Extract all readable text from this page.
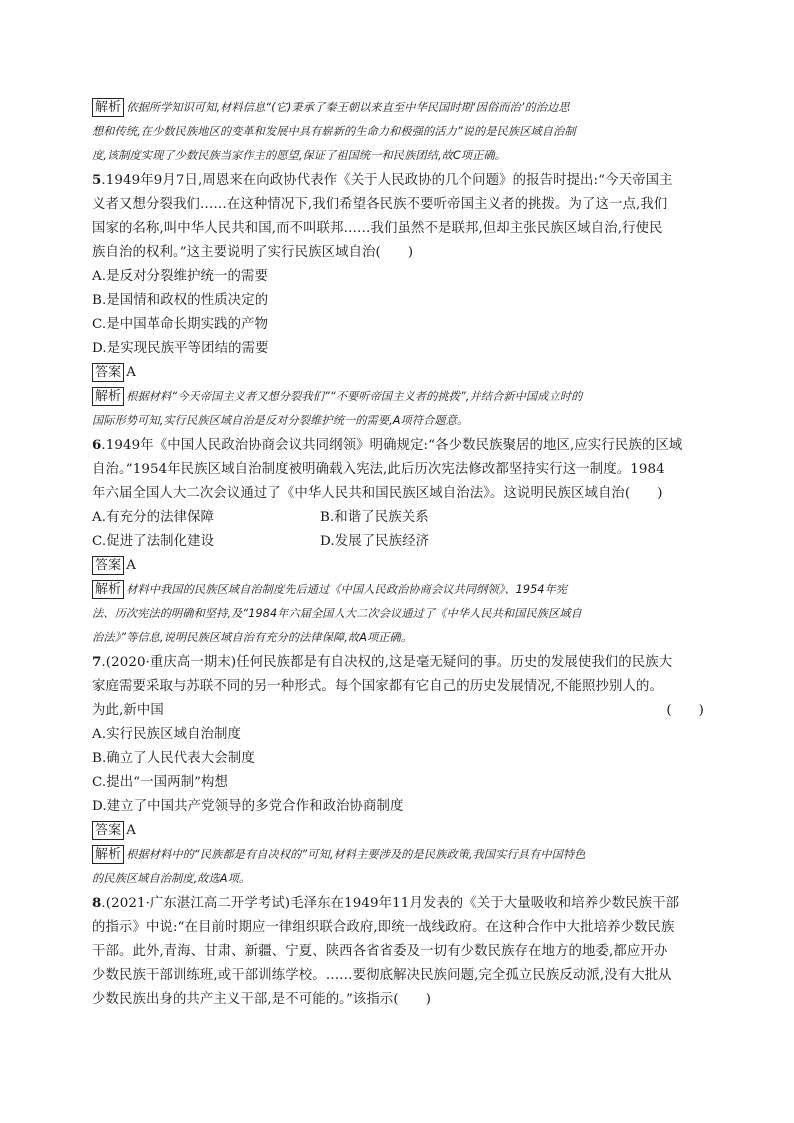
解析 依据所学知识可知,材料信息“(它)秉承了秦王朝以来直至中华民国时期‘因俗而治’的治边思
想和传统,在少数民族地区的变革和发展中具有崭新的生命力和极强的活力”说的是民族区域自治制
度,该制度实现了少数民族当家作主的愿望,保证了祖国统一和民族团结,故C项正确。
5.1949年9月7日,周恩来在向政协代表作《关于人民政协的几个问题》的报告时提出:“今天帝国主
义者又想分裂我们……在这种情况下,我们希望各民族不要听帝国主义者的挑拨。为了这一点,我们
国家的名称,叫中华人民共和国,而不叫联邦……我们虽然不是联邦,但却主张民族区域自治,行使民
族自治的权利。”这主要说明了实行民族区域自治(　　)
A.是反对分裂维护统一的需要
B.是国情和政权的性质决定的
C.是中国革命长期实践的产物
D.是实现民族平等团结的需要
答案 A
解析 根据材料“今天帝国主义者又想分裂我们”“不要听帝国主义者的挑拨”,并结合新中国成立时的
国际形势可知,实行民族区域自治是反对分裂维护统一的需要,A项符合题意。
6.1949年《中国人民政治协商会议共同纲领》明确规定:“各少数民族聚居的地区,应实行民族的区域
自治。”1954年民族区域自治制度被明确载入宪法,此后历次宪法修改都坚持实行这一制度。1984
年六届全国人大二次会议通过了《中华人民共和国民族区域自治法》。这说明民族区域自治(　　)
A.有充分的法律保障	B.和谐了民族关系
C.促进了法制化建设	D.发展了民族经济
答案 A
解析 材料中我国的民族区域自治制度先后通过《中国人民政治协商会议共同纲领》、1954年宪
法、历次宪法的明确和坚持,及“1984年六届全国人大二次会议通过了《中华人民共和国民族区域自
治法》”等信息,说明民族区域自治有充分的法律保障,故A项正确。
7.(2020·重庆高一期末)任何民族都是有自决权的,这是毫无疑问的事。历史的发展使我们的民族大
家庭需要采取与苏联不同的另一种形式。每个国家都有它自己的历史发展情况,不能照抄别人的。
为此,新中国	(　　)
A.实行民族区域自治制度
B.确立了人民代表大会制度
C.提出“一国两制”构想
D.建立了中国共产党领导的多党合作和政治协商制度
答案 A
解析 根据材料中的“民族都是有自决权的”可知,材料主要涉及的是民族政策,我国实行具有中国特色
的民族区域自治制度,故选A项。
8.(2021·广东湛江高二开学考试)毛泽东在1949年11月发表的《关于大量吸收和培养少数民族干部
的指示》中说:“在目前时期应一律组织联合政府,即统一战线政府。在这种合作中大批培养少数民族
干部。此外,青海、甘肃、新疆、宁夏、陕西各省省委及一切有少数民族存在地方的地委,都应开办
少数民族干部训练班,或干部训练学校。……要彻底解决民族问题,完全孤立民族反动派,没有大批从
少数民族出身的共产主义干部,是不可能的。”该指示(　　)
